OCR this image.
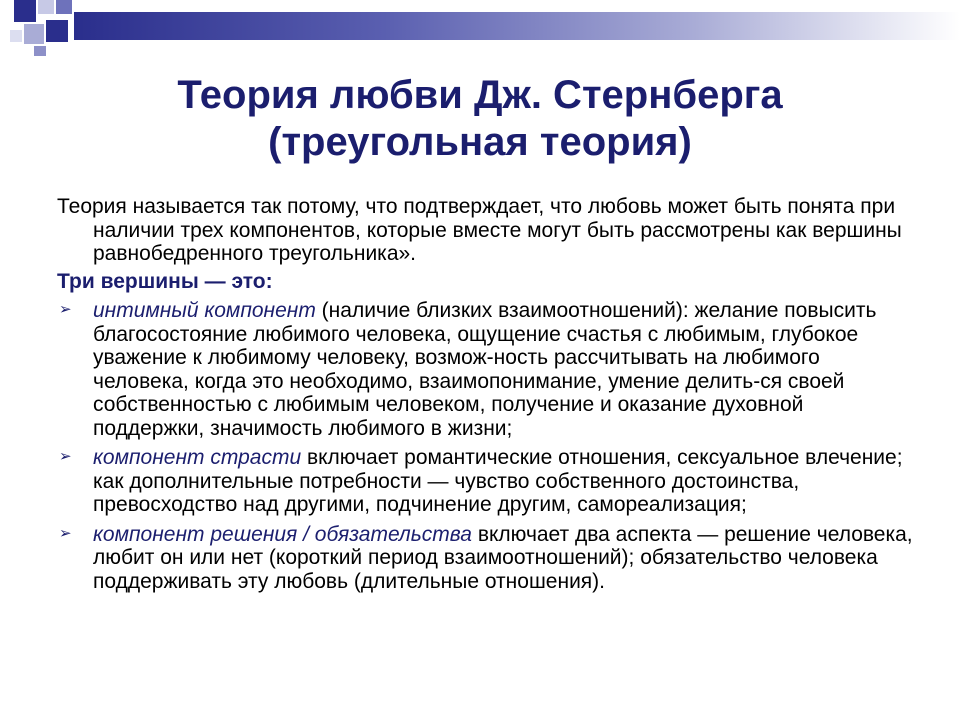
Теория любви Дж. Стернберга
(треугольная теория)

Теория называется так потому, что подтверждает, что любовь может быть понята при наличии трех компонентов, которые вместе могут быть рассмотрены как вершины равнобедренного треугольника».

Три вершины — это:
➢ интимный компонент (наличие близких взаимоотношений): желание повысить благосостояние любимого человека, ощущение счастья с любимым, глубокое уважение к любимому человеку, возмож-ность рассчитывать на любимого человека, когда это необходимо, взаимопонимание, умение делить-ся своей собственностью с любимым человеком, получение и оказание духовной поддержки, значимость любимого в жизни;
➢ компонент страсти включает романтические отношения, сексуальное влечение; как дополнительные потребности — чувство собственного достоинства, превосходство над другими, подчинение другим, самореализация;
➢ компонент решения / обязательства включает два аспекта — решение человека, любит он или нет (короткий период взаимоотношений); обязательство человека поддерживать эту любовь (длительные отношения).
